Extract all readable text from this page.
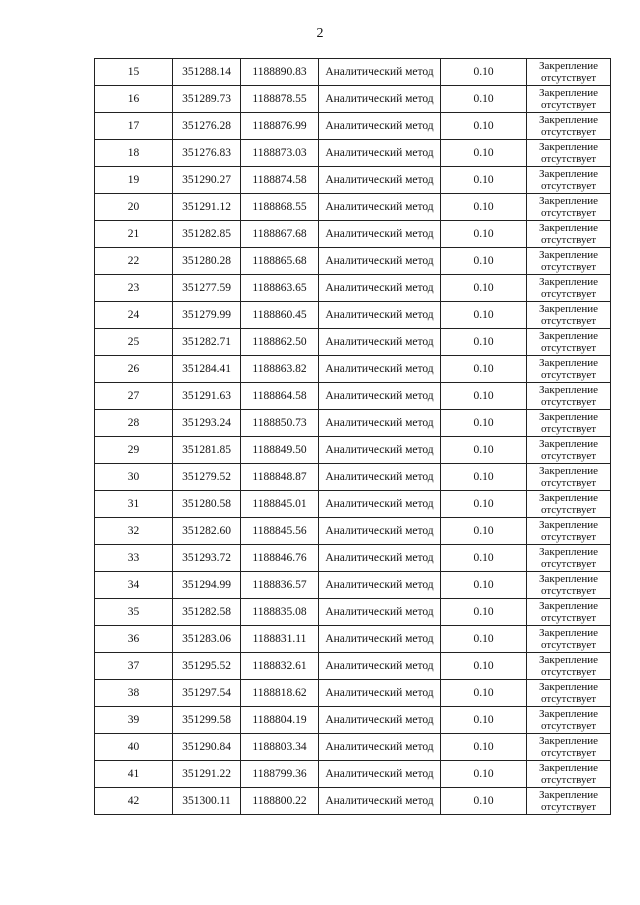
2
15	351288.14	1188890.83	Аналитический метод	0.10	Закрепление
отсутствует

16	351289.73	1188878.55	Аналитический метод	0.10	Закрепление
отсутствует

17	351276.28	1188876.99	Аналитический метод	0.10	Закрепление
отсутствует

18	351276.83	1188873.03	Аналитический метод	0.10	Закрепление
отсутствует

19	351290.27	1188874.58	Аналитический метод	0.10	Закрепление
отсутствует

20	351291.12	1188868.55	Аналитический метод	0.10	Закрепление
отсутствует

21	351282.85	1188867.68	Аналитический метод	0.10	Закрепление
отсутствует

22	351280.28	1188865.68	Аналитический метод	0.10	Закрепление
отсутствует

23	351277.59	1188863.65	Аналитический метод	0.10	Закрепление
отсутствует

24	351279.99	1188860.45	Аналитический метод	0.10	Закрепление
отсутствует

25	351282.71	1188862.50	Аналитический метод	0.10	Закрепление
отсутствует

26	351284.41	1188863.82	Аналитический метод	0.10	Закрепление
отсутствует

27	351291.63	1188864.58	Аналитический метод	0.10	Закрепление
отсутствует

28	351293.24	1188850.73	Аналитический метод	0.10	Закрепление
отсутствует

29	351281.85	1188849.50	Аналитический метод	0.10	Закрепление
отсутствует

30	351279.52	1188848.87	Аналитический метод	0.10	Закрепление
отсутствует

31	351280.58	1188845.01	Аналитический метод	0.10	Закрепление
отсутствует

32	351282.60	1188845.56	Аналитический метод	0.10	Закрепление
отсутствует

33	351293.72	1188846.76	Аналитический метод	0.10	Закрепление
отсутствует

34	351294.99	1188836.57	Аналитический метод	0.10	Закрепление
отсутствует

35	351282.58	1188835.08	Аналитический метод	0.10	Закрепление
отсутствует

36	351283.06	1188831.11	Аналитический метод	0.10	Закрепление
отсутствует

37	351295.52	1188832.61	Аналитический метод	0.10	Закрепление
отсутствует

38	351297.54	1188818.62	Аналитический метод	0.10	Закрепление
отсутствует

39	351299.58	1188804.19	Аналитический метод	0.10	Закрепление
отсутствует

40	351290.84	1188803.34	Аналитический метод	0.10	Закрепление
отсутствует

41	351291.22	1188799.36	Аналитический метод	0.10	Закрепление
отсутствует

42	351300.11	1188800.22	Аналитический метод	0.10	Закрепление
отсутствует
